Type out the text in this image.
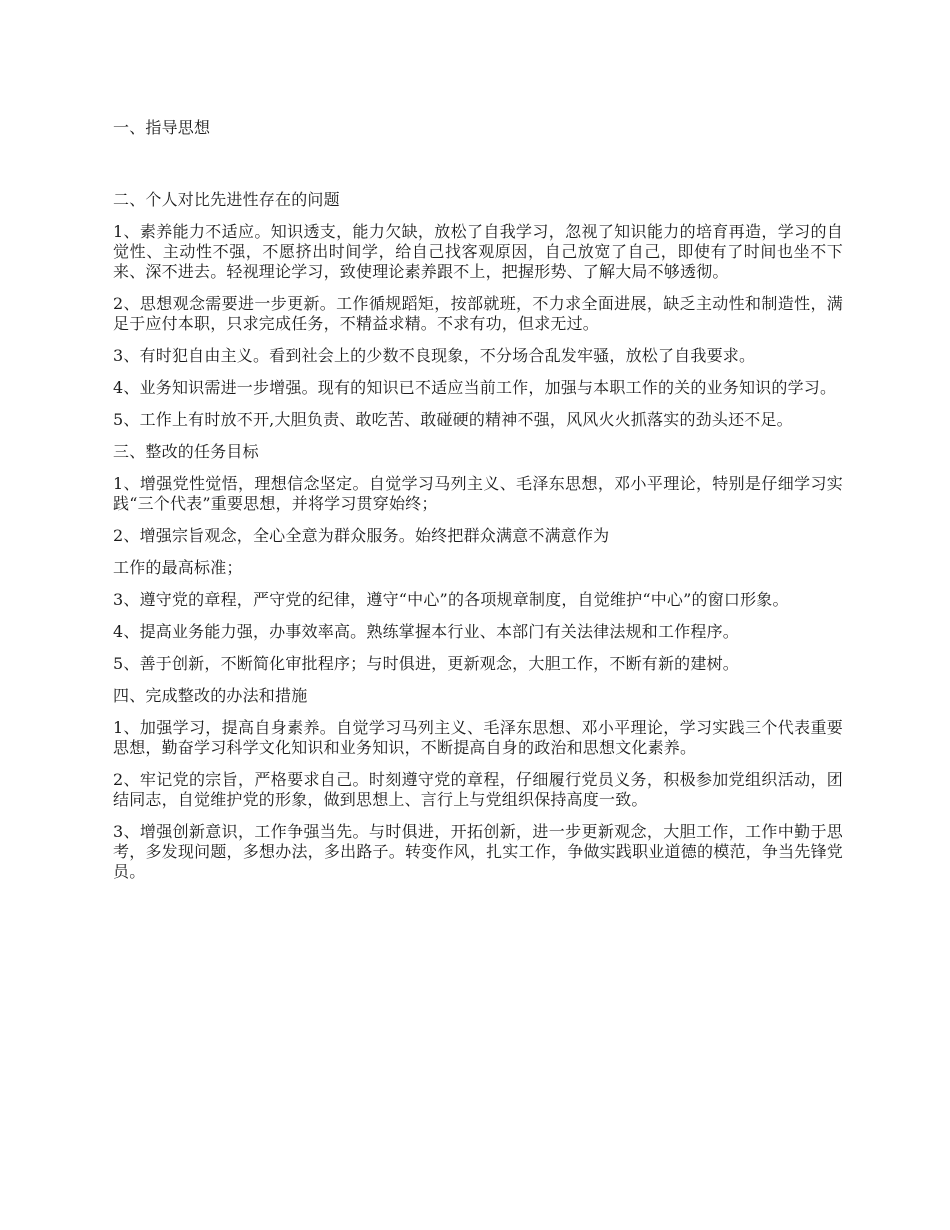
一、指导思想

二、个人对比先进性存在的问题

1、素养能力不适应。知识透支，能力欠缺，放松了自我学习，忽视了知识能力的培育再造，学习的自觉性、主动性不强，不愿挤出时间学，给自己找客观原因，自己放宽了自己，即使有了时间也坐不下来、深不进去。轻视理论学习，致使理论素养跟不上，把握形势、了解大局不够透彻。

2、思想观念需要进一步更新。工作循规蹈矩，按部就班，不力求全面进展，缺乏主动性和制造性，满足于应付本职，只求完成任务，不精益求精。不求有功，但求无过。

3、有时犯自由主义。看到社会上的少数不良现象，不分场合乱发牢骚，放松了自我要求。

4、业务知识需进一步增强。现有的知识已不适应当前工作，加强与本职工作的关的业务知识的学习。

5、工作上有时放不开,大胆负责、敢吃苦、敢碰硬的精神不强，风风火火抓落实的劲头还不足。

三、整改的任务目标

1、增强党性觉悟，理想信念坚定。自觉学习马列主义、毛泽东思想，邓小平理论，特别是仔细学习实践“三个代表”重要思想，并将学习贯穿始终；

2、增强宗旨观念，全心全意为群众服务。始终把群众满意不满意作为

工作的最高标准；

3、遵守党的章程，严守党的纪律，遵守“中心”的各项规章制度，自觉维护“中心”的窗口形象。

4、提高业务能力强，办事效率高。熟练掌握本行业、本部门有关法律法规和工作程序。

5、善于创新，不断简化审批程序；与时俱进，更新观念，大胆工作，不断有新的建树。

四、完成整改的办法和措施

1、加强学习，提高自身素养。自觉学习马列主义、毛泽东思想、邓小平理论，学习实践三个代表重要思想，勤奋学习科学文化知识和业务知识，不断提高自身的政治和思想文化素养。

2、牢记党的宗旨，严格要求自己。时刻遵守党的章程，仔细履行党员义务，积极参加党组织活动，团结同志，自觉维护党的形象，做到思想上、言行上与党组织保持高度一致。

3、增强创新意识，工作争强当先。与时俱进，开拓创新，进一步更新观念，大胆工作，工作中勤于思考，多发现问题，多想办法，多出路子。转变作风，扎实工作，争做实践职业道德的模范，争当先锋党员。
